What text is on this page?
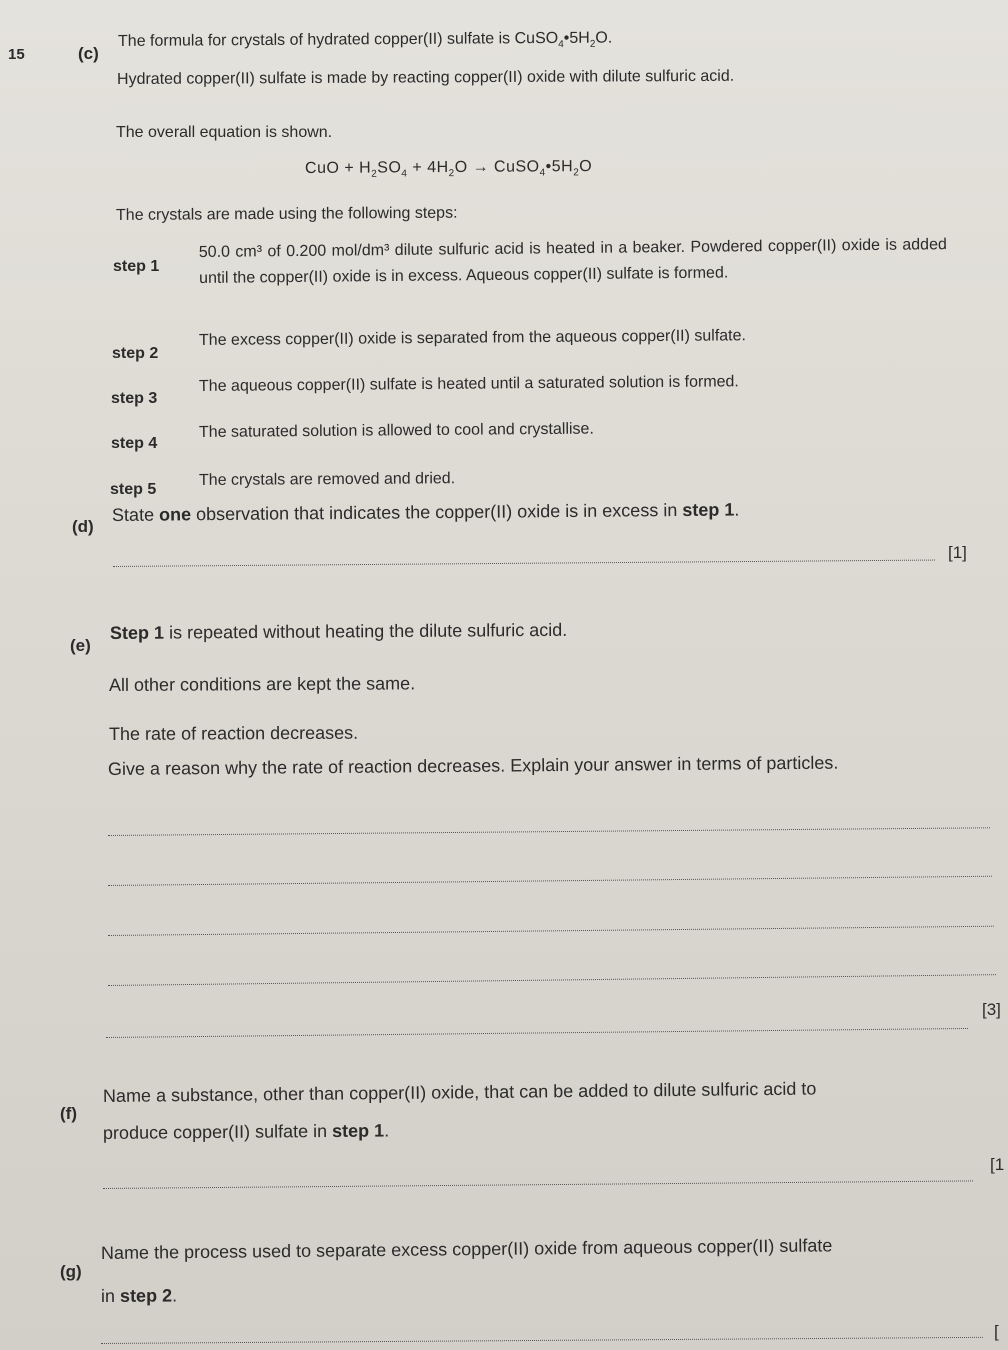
15	(c)
The formula for crystals of hydrated copper(II) sulfate is $CuSO_4•5H_2O$.
Hydrated copper(II) sulfate is made by reacting copper(II) oxide with dilute sulfuric acid.
The overall equation is shown.
CuO + $H_2SO_4 + 4H_2O$ → $CuSO_4•5H_2O$
The crystals are made using the following steps:
step 1
50.0 cm³ of 0.200 mol/dm³ dilute sulfuric acid is heated in a beaker. Powdered copper(II) oxide is added until the copper(II) oxide is in excess. Aqueous copper(II) sulfate is formed.
step 2
The excess copper(II) oxide is separated from the aqueous copper(II) sulfate.
step 3
The aqueous copper(II) sulfate is heated until a saturated solution is formed.
step 4
The saturated solution is allowed to cool and crystallise.
step 5
The crystals are removed and dried.
(d)
State one observation that indicates the copper(II) oxide is in excess in step 1.
[1]
(e)
Step 1 is repeated without heating the dilute sulfuric acid.
All other conditions are kept the same.
The rate of reaction decreases.
Give a reason why the rate of reaction decreases. Explain your answer in terms of particles.
[3]
(f)
Name a substance, other than copper(II) oxide, that can be added to dilute sulfuric acid to
produce copper(II) sulfate in step 1.
[1
(g)
Name the process used to separate excess copper(II) oxide from aqueous copper(II) sulfate
in step 2.
[
